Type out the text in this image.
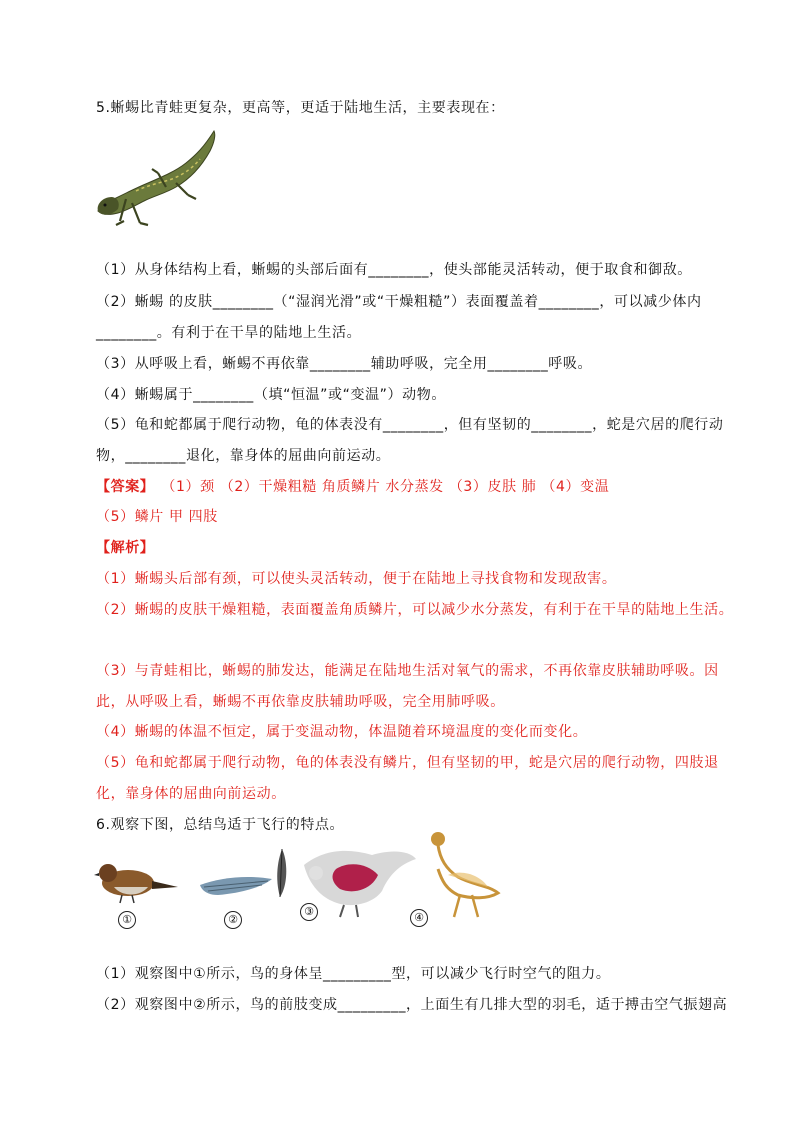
5.蜥蜴比青蛙更复杂，更高等，更适于陆地生活，主要表现在：
（1）从身体结构上看，蜥蜴的头部后面有________，使头部能灵活转动，便于取食和御敌。
（2）蜥蜴 的皮肤________（“湿润光滑”或“干燥粗糙”）表面覆盖着________，可以减少体内
________。有利于在干旱的陆地上生活。
（3）从呼吸上看，蜥蜴不再依靠________辅助呼吸，完全用________呼吸。
（4）蜥蜴属于________（填“恒温”或“变温”）动物。
（5）龟和蛇都属于爬行动物，龟的体表没有________，但有坚韧的________，蛇是穴居的爬行动
物，________退化，靠身体的屈曲向前运动。
【答案】 （1）颈 （2）干燥粗糙 角质鳞片 水分蒸发 （3）皮肤 肺 （4）变温
（5）鳞片 甲 四肢
【解析】
（1）蜥蜴头后部有颈，可以使头灵活转动，便于在陆地上寻找食物和发现敌害。
（2）蜥蜴的皮肤干燥粗糙，表面覆盖角质鳞片，可以减少水分蒸发，有利于在干旱的陆地上生活。
（3）与青蛙相比，蜥蜴的肺发达，能满足在陆地生活对氧气的需求，不再依靠皮肤辅助呼吸。因
此，从呼吸上看，蜥蜴不再依靠皮肤辅助呼吸，完全用肺呼吸。
（4）蜥蜴的体温不恒定，属于变温动物，体温随着环境温度的变化而变化。
（5）龟和蛇都属于爬行动物，龟的体表没有鳞片，但有坚韧的甲，蛇是穴居的爬行动物，四肢退
化，靠身体的屈曲向前运动。
6.观察下图，总结鸟适于飞行的特点。
①	②
③	④
（1）观察图中①所示，鸟的身体呈_________型，可以减少飞行时空气的阻力。
（2）观察图中②所示，鸟的前肢变成_________，上面生有几排大型的羽毛，适于搏击空气振翅高
